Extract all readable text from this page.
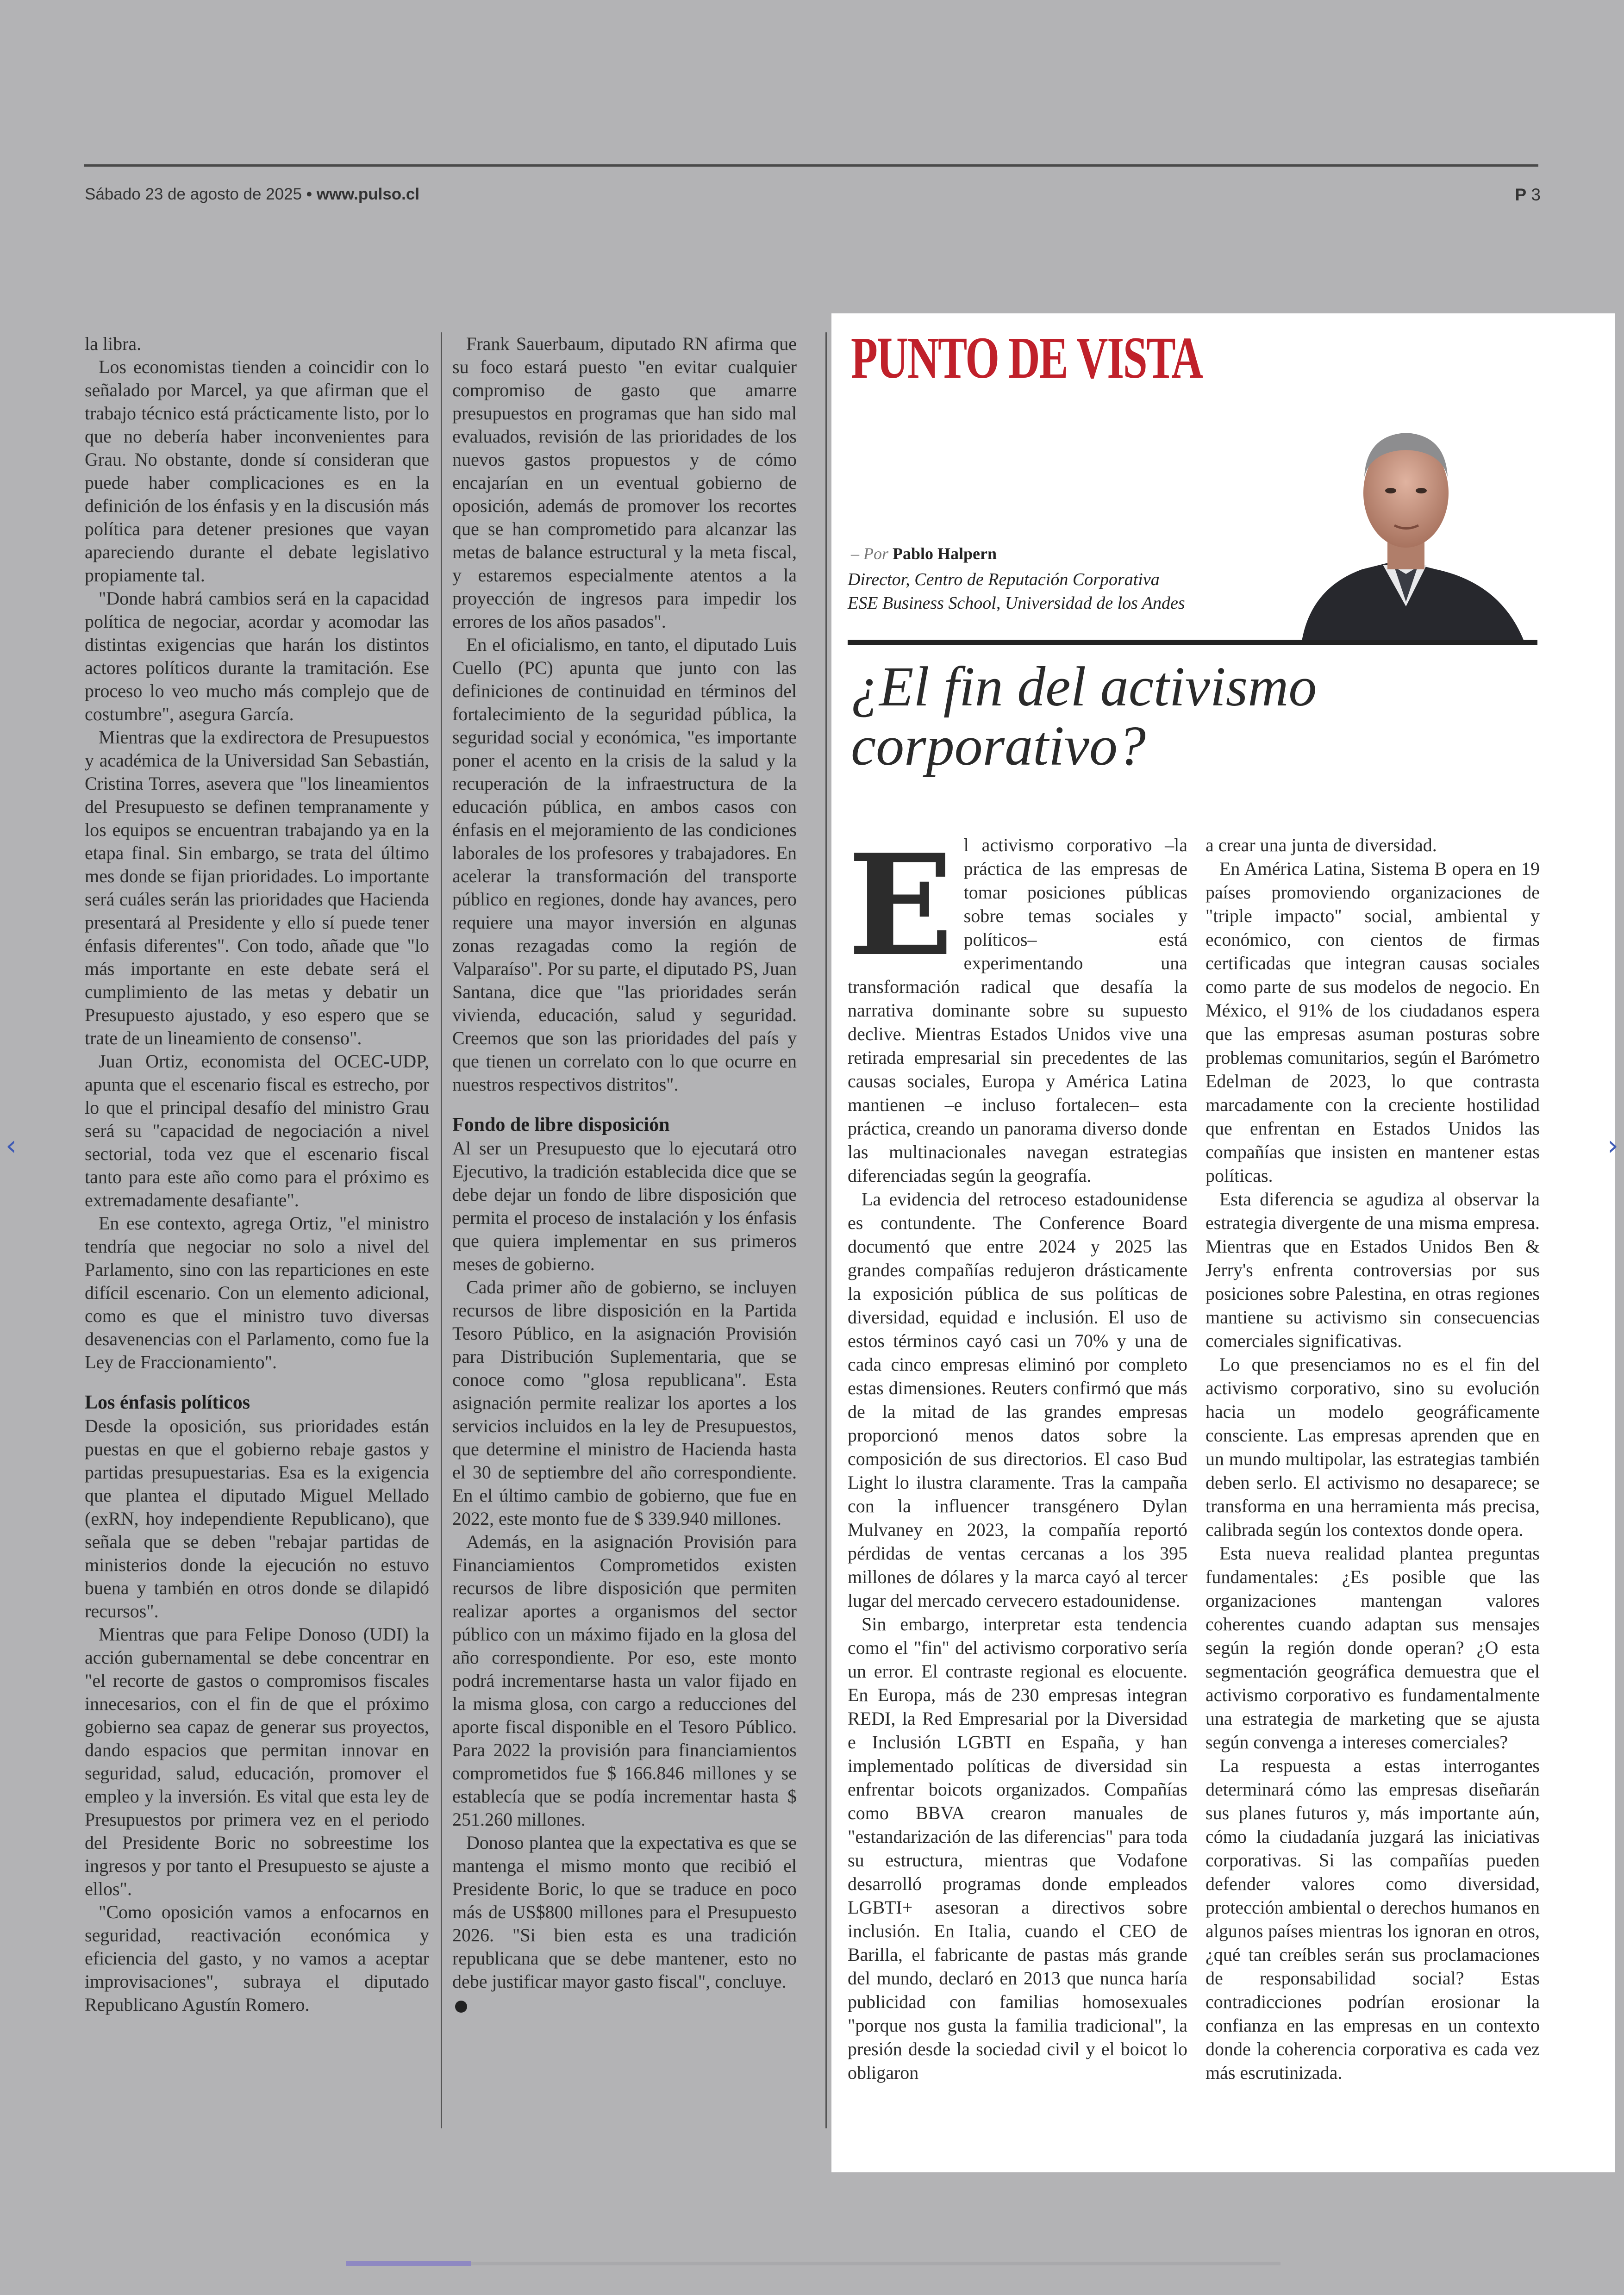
Sábado 23 de agosto de 2025 • www.pulso.cl	P 3

la libra.

Los economistas tienden a coincidir con lo señalado por Marcel, ya que afirman que el trabajo técnico está prácticamente listo, por lo que no debería haber inconvenientes para Grau. No obstante, donde sí consideran que puede haber complicaciones es en la definición de los énfasis y en la discusión más política para detener presiones que vayan apareciendo durante el debate legislativo propiamente tal.

"Donde habrá cambios será en la capacidad política de negociar, acordar y acomodar las distintas exigencias que harán los distintos actores políticos durante la tramitación. Ese proceso lo veo mucho más complejo que de costumbre", asegura García.

Mientras que la exdirectora de Presupuestos y académica de la Universidad San Sebastián, Cristina Torres, asevera que "los lineamientos del Presupuesto se definen tempranamente y los equipos se encuentran trabajando ya en la etapa final. Sin embargo, se trata del último mes donde se fijan prioridades. Lo importante será cuáles serán las prioridades que Hacienda presentará al Presidente y ello sí puede tener énfasis diferentes". Con todo, añade que "lo más importante en este debate será el cumplimiento de las metas y debatir un Presupuesto ajustado, y eso espero que se trate de un lineamiento de consenso".

Juan Ortiz, economista del OCEC-UDP, apunta que el escenario fiscal es estrecho, por lo que el principal desafío del ministro Grau será su "capacidad de negociación a nivel sectorial, toda vez que el escenario fiscal tanto para este año como para el próximo es extremadamente desafiante".

En ese contexto, agrega Ortiz, "el ministro tendría que negociar no solo a nivel del Parlamento, sino con las reparticiones en este difícil escenario. Con un elemento adicional, como es que el ministro tuvo diversas desavenencias con el Parlamento, como fue la Ley de Fraccionamiento".

Los énfasis políticos

Desde la oposición, sus prioridades están puestas en que el gobierno rebaje gastos y partidas presupuestarias. Esa es la exigencia que plantea el diputado Miguel Mellado (exRN, hoy independiente Republicano), que señala que se deben "rebajar partidas de ministerios donde la ejecución no estuvo buena y también en otros donde se dilapidó recursos".

Mientras que para Felipe Donoso (UDI) la acción gubernamental se debe concentrar en "el recorte de gastos o compromisos fiscales innecesarios, con el fin de que el próximo gobierno sea capaz de generar sus proyectos, dando espacios que permitan innovar en seguridad, salud, educación, promover el empleo y la inversión. Es vital que esta ley de Presupuestos por primera vez en el periodo del Presidente Boric no sobreestime los ingresos y por tanto el Presupuesto se ajuste a ellos".

"Como oposición vamos a enfocarnos en seguridad, reactivación económica y eficiencia del gasto, y no vamos a aceptar improvisaciones", subraya el diputado Republicano Agustín Romero.

Frank Sauerbaum, diputado RN afirma que su foco estará puesto "en evitar cualquier compromiso de gasto que amarre presupuestos en programas que han sido mal evaluados, revisión de las prioridades de los nuevos gastos propuestos y de cómo encajarían en un eventual gobierno de oposición, además de promover los recortes que se han comprometido para alcanzar las metas de balance estructural y la meta fiscal, y estaremos especialmente atentos a la proyección de ingresos para impedir los errores de los años pasados".

En el oficialismo, en tanto, el diputado Luis Cuello (PC) apunta que junto con las definiciones de continuidad en términos del fortalecimiento de la seguridad pública, la seguridad social y económica, "es importante poner el acento en la crisis de la salud y la recuperación de la infraestructura de la educación pública, en ambos casos con énfasis en el mejoramiento de las condiciones laborales de los profesores y trabajadores. En acelerar la transformación del transporte público en regiones, donde hay avances, pero requiere una mayor inversión en algunas zonas rezagadas como la región de Valparaíso". Por su parte, el diputado PS, Juan Santana, dice que "las prioridades serán vivienda, educación, salud y seguridad. Creemos que son las prioridades del país y que tienen un correlato con lo que ocurre en nuestros respectivos distritos".

Fondo de libre disposición

Al ser un Presupuesto que lo ejecutará otro Ejecutivo, la tradición establecida dice que se debe dejar un fondo de libre disposición que permita el proceso de instalación y los énfasis que quiera implementar en sus primeros meses de gobierno.

Cada primer año de gobierno, se incluyen recursos de libre disposición en la Partida Tesoro Público, en la asignación Provisión para Distribución Suplementaria, que se conoce como "glosa republicana". Esta asignación permite realizar los aportes a los servicios incluidos en la ley de Presupuestos, que determine el ministro de Hacienda hasta el 30 de septiembre del año correspondiente. En el último cambio de gobierno, que fue en 2022, este monto fue de $ 339.940 millones.

Además, en la asignación Provisión para Financiamientos Comprometidos existen recursos de libre disposición que permiten realizar aportes a organismos del sector público con un máximo fijado en la glosa del año correspondiente. Por eso, este monto podrá incrementarse hasta un valor fijado en la misma glosa, con cargo a reducciones del aporte fiscal disponible en el Tesoro Público. Para 2022 la provisión para financiamientos comprometidos fue $ 166.846 millones y se establecía que se podía incrementar hasta $ 251.260 millones.

Donoso plantea que la expectativa es que se mantenga el mismo monto que recibió el Presidente Boric, lo que se traduce en poco más de US$800 millones para el Presupuesto 2026. "Si bien esta es una tradición republicana que se debe mantener, esto no debe justificar mayor gasto fiscal", concluye.

PUNTO DE VISTA
– Por Pablo Halpern
Director, Centro de Reputación Corporativa
ESE Business School, Universidad de los Andes
¿El fin del activismo
corporativo?

El activismo corporativo –la práctica de las empresas de tomar posiciones públicas sobre temas sociales y políticos– está experimentando una transformación radical que desafía la narrativa dominante sobre su supuesto declive. Mientras Estados Unidos vive una retirada empresarial sin precedentes de las causas sociales, Europa y América Latina mantienen –e incluso fortalecen– esta práctica, creando un panorama diverso donde las multinacionales navegan estrategias diferenciadas según la geografía.

La evidencia del retroceso estadounidense es contundente. The Conference Board documentó que entre 2024 y 2025 las grandes compañías redujeron drásticamente la exposición pública de sus políticas de diversidad, equidad e inclusión. El uso de estos términos cayó casi un 70% y una de cada cinco empresas eliminó por completo estas dimensiones. Reuters confirmó que más de la mitad de las grandes empresas proporcionó menos datos sobre la composición de sus directorios. El caso Bud Light lo ilustra claramente. Tras la campaña con la influencer transgénero Dylan Mulvaney en 2023, la compañía reportó pérdidas de ventas cercanas a los 395 millones de dólares y la marca cayó al tercer lugar del mercado cervecero estadounidense.

Sin embargo, interpretar esta tendencia como el "fin" del activismo corporativo sería un error. El contraste regional es elocuente. En Europa, más de 230 empresas integran REDI, la Red Empresarial por la Diversidad e Inclusión LGBTI en España, y han implementado políticas de diversidad sin enfrentar boicots organizados. Compañías como BBVA crearon manuales de "estandarización de las diferencias" para toda su estructura, mientras que Vodafone desarrolló programas donde empleados LGBTI+ asesoran a directivos sobre inclusión. En Italia, cuando el CEO de Barilla, el fabricante de pastas más grande del mundo, declaró en 2013 que nunca haría publicidad con familias homosexuales "porque nos gusta la familia tradicional", la presión desde la sociedad civil y el boicot lo obligaron

a crear una junta de diversidad.

En América Latina, Sistema B opera en 19 países promoviendo organizaciones de "triple impacto" social, ambiental y económico, con cientos de firmas certificadas que integran causas sociales como parte de sus modelos de negocio. En México, el 91% de los ciudadanos espera que las empresas asuman posturas sobre problemas comunitarios, según el Barómetro Edelman de 2023, lo que contrasta marcadamente con la creciente hostilidad que enfrentan en Estados Unidos las compañías que insisten en mantener estas políticas.

Esta diferencia se agudiza al observar la estrategia divergente de una misma empresa. Mientras que en Estados Unidos Ben & Jerry's enfrenta controversias por sus posiciones sobre Palestina, en otras regiones mantiene su activismo sin consecuencias comerciales significativas.

Lo que presenciamos no es el fin del activismo corporativo, sino su evolución hacia un modelo geográficamente consciente. Las empresas aprenden que en un mundo multipolar, las estrategias también deben serlo. El activismo no desaparece; se transforma en una herramienta más precisa, calibrada según los contextos donde opera.

Esta nueva realidad plantea preguntas fundamentales: ¿Es posible que las organizaciones mantengan valores coherentes cuando adaptan sus mensajes según la región donde operan? ¿O esta segmentación geográfica demuestra que el activismo corporativo es fundamentalmente una estrategia de marketing que se ajusta según convenga a intereses comerciales?

La respuesta a estas interrogantes determinará cómo las empresas diseñarán sus planes futuros y, más importante aún, cómo la ciudadanía juzgará las iniciativas corporativas. Si las compañías pueden defender valores como diversidad, protección ambiental o derechos humanos en algunos países mientras los ignoran en otros, ¿qué tan creíbles serán sus proclamaciones de responsabilidad social? Estas contradicciones podrían erosionar la confianza en las empresas en un contexto donde la coherencia corporativa es cada vez más escrutinizada.

‹	›
